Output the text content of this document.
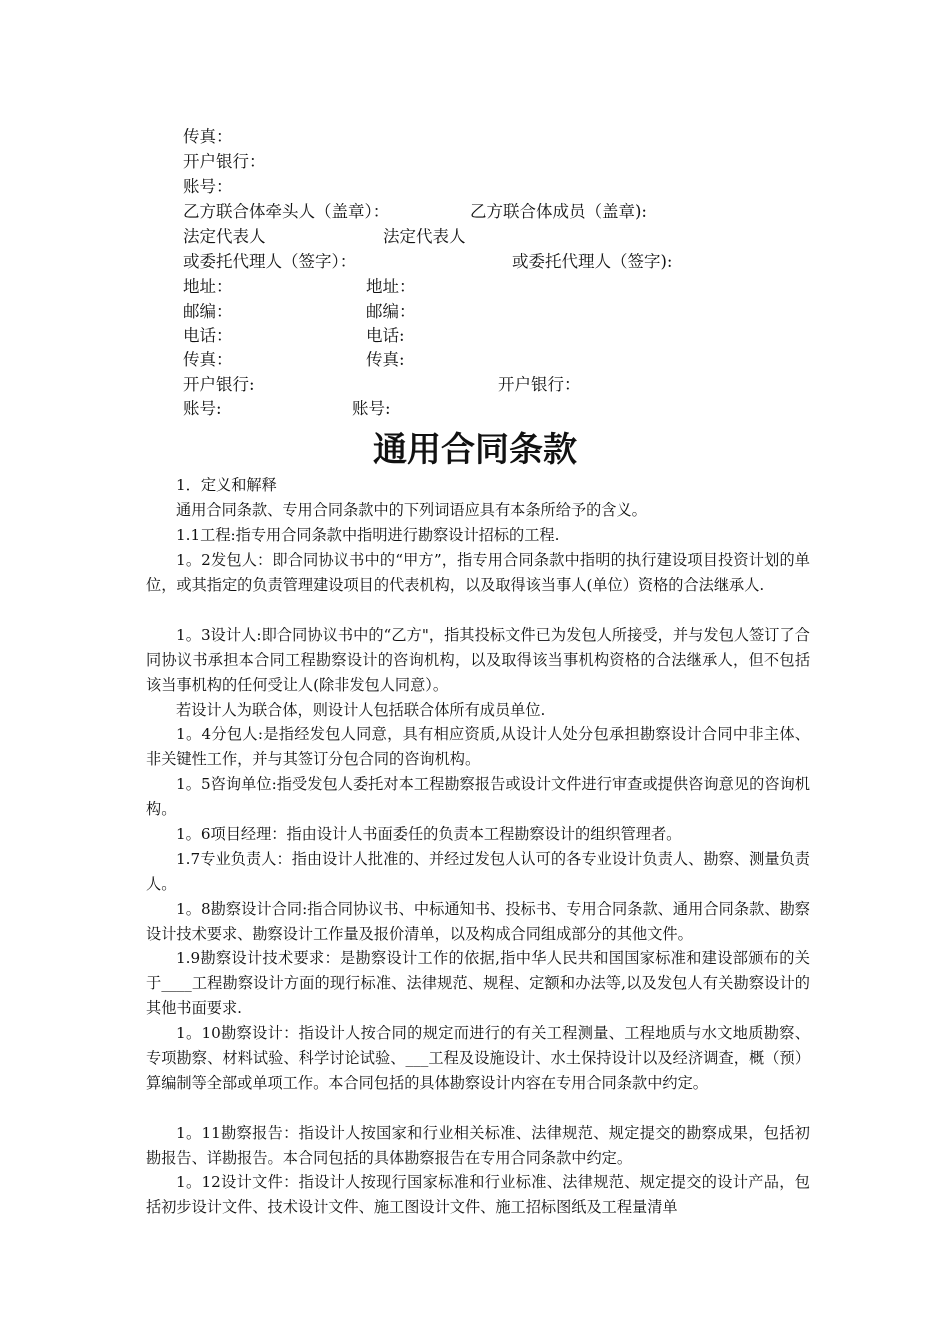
传真：
开户银行：
账号：
乙方联合体牵头人（盖章）：	乙方联合体成员（盖章):
法定代表人	法定代表人
或委托代理人（签字）：	或委托代理人（签字):
地址：	地址：
邮编：	邮编：
电话：	电话:
传真：	传真:
开户银行:	开户银行：
账号:	账号:
通用合同条款
1．定义和解释
通用合同条款、专用合同条款中的下列词语应具有本条所给予的含义。
1.1工程:指专用合同条款中指明进行勘察设计招标的工程.
1。2发包人：即合同协议书中的“甲方”，指专用合同条款中指明的执行建设项目投资计划的单位，或其指定的负责管理建设项目的代表机构，以及取得该当事人(单位）资格的合法继承人.
1。3设计人:即合同协议书中的“乙方"，指其投标文件已为发包人所接受，并与发包人签订了合同协议书承担本合同工程勘察设计的咨询机构，以及取得该当事机构资格的合法继承人，但不包括该当事机构的任何受让人(除非发包人同意）。
若设计人为联合体，则设计人包括联合体所有成员单位.
1。4分包人:是指经发包人同意，具有相应资质,从设计人处分包承担勘察设计合同中非主体、非关键性工作，并与其签订分包合同的咨询机构。
1。5咨询单位:指受发包人委托对本工程勘察报告或设计文件进行审查或提供咨询意见的咨询机构。
1。6项目经理：指由设计人书面委任的负责本工程勘察设计的组织管理者。
1.7专业负责人：指由设计人批准的、并经过发包人认可的各专业设计负责人、勘察、测量负责人。
1。8勘察设计合同:指合同协议书、中标通知书、投标书、专用合同条款、通用合同条款、勘察设计技术要求、勘察设计工作量及报价清单，以及构成合同组成部分的其他文件。
1.9勘察设计技术要求：是勘察设计工作的依据,指中华人民共和国国家标准和建设部颁布的关于____工程勘察设计方面的现行标准、法律规范、规程、定额和办法等,以及发包人有关勘察设计的其他书面要求.
1。10勘察设计：指设计人按合同的规定而进行的有关工程测量、工程地质与水文地质勘察、专项勘察、材料试验、科学讨论试验、___工程及设施设计、水土保持设计以及经济调查，概（预）算编制等全部或单项工作。本合同包括的具体勘察设计内容在专用合同条款中约定。
1。11勘察报告：指设计人按国家和行业相关标准、法律规范、规定提交的勘察成果，包括初勘报告、详勘报告。本合同包括的具体勘察报告在专用合同条款中约定。
1。12设计文件：指设计人按现行国家标准和行业标准、法律规范、规定提交的设计产品，包括初步设计文件、技术设计文件、施工图设计文件、施工招标图纸及工程量清单
